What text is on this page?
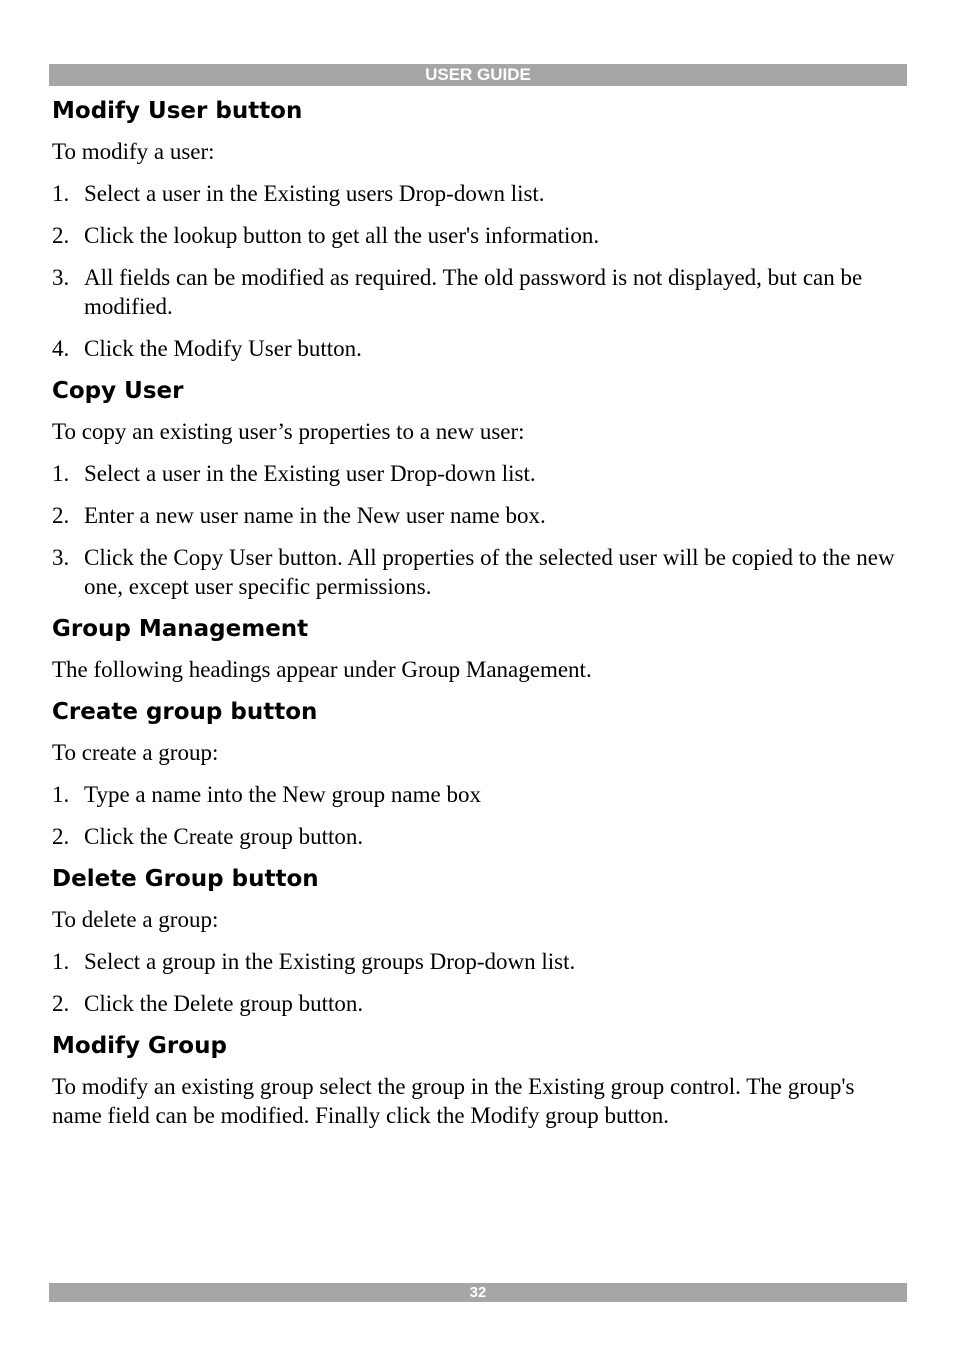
USER GUIDE
Modify User button

To modify a user:

1. Select a user in the Existing users Drop-down list.
2. Click the lookup button to get all the user's information.
3. All fields can be modified as required. The old password is not displayed, but can be modified.
4. Click the Modify User button.
Copy User

To copy an existing user’s properties to a new user:

1. Select a user in the Existing user Drop-down list.
2. Enter a new user name in the New user name box.
3. Click the Copy User button. All properties of the selected user will be copied to the new one, except user specific permissions.
Group Management

The following headings appear under Group Management.

Create group button

To create a group:

1. Type a name into the New group name box
2. Click the Create group button.
Delete Group button

To delete a group:

1. Select a group in the Existing groups Drop-down list.
2. Click the Delete group button.
Modify Group

To modify an existing group select the group in the Existing group control. The group's name field can be modified. Finally click the Modify group button.

32
